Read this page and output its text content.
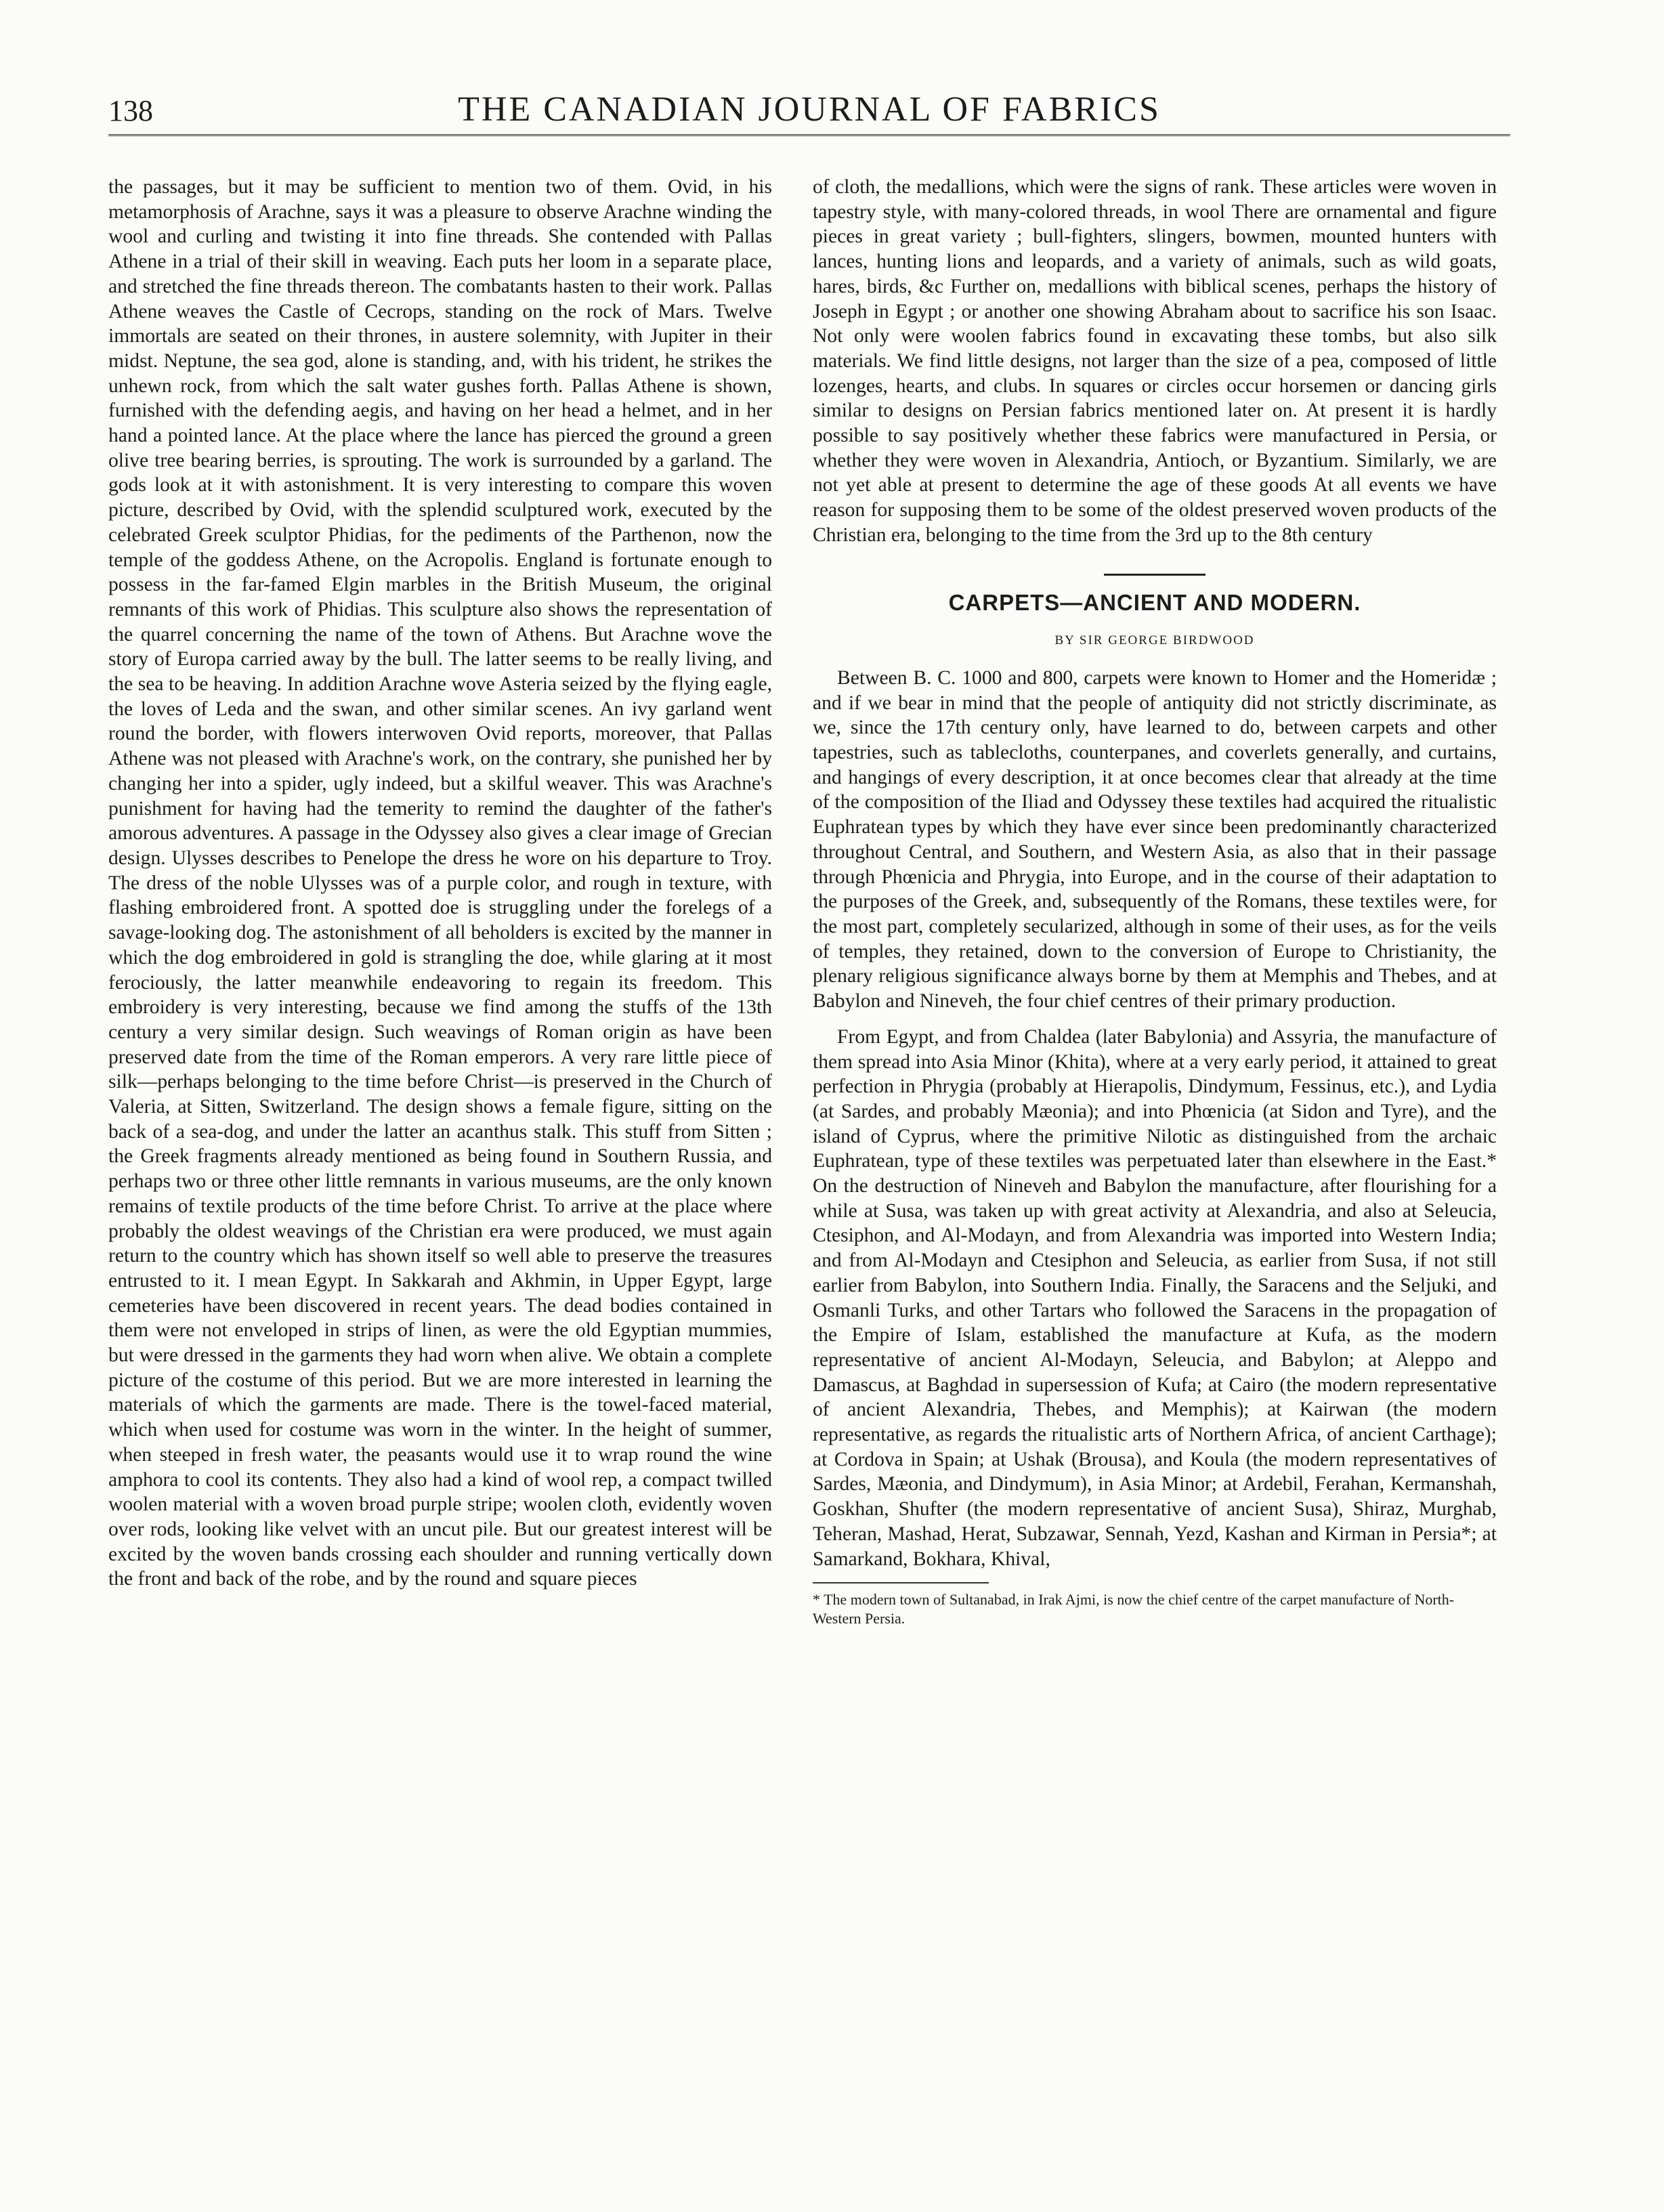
138	THE CANADIAN JOURNAL OF FABRICS

the passages, but it may be sufficient to mention two of them. Ovid, in his metamorphosis of Arachne, says it was a pleasure to observe Arachne winding the wool and curling and twisting it into fine threads. She contended with Pallas Athene in a trial of their skill in weaving. Each puts her loom in a separate place, and stretched the fine threads thereon. The combatants hasten to their work. Pallas Athene weaves the Castle of Cecrops, standing on the rock of Mars. Twelve immortals are seated on their thrones, in austere solemnity, with Jupiter in their midst. Neptune, the sea god, alone is standing, and, with his trident, he strikes the unhewn rock, from which the salt water gushes forth. Pallas Athene is shown, furnished with the defending aegis, and having on her head a helmet, and in her hand a pointed lance. At the place where the lance has pierced the ground a green olive tree bearing berries, is sprouting. The work is surrounded by a garland. The gods look at it with astonishment. It is very interesting to compare this woven picture, described by Ovid, with the splendid sculptured work, executed by the celebrated Greek sculptor Phidias, for the pediments of the Parthenon, now the temple of the goddess Athene, on the Acropolis. England is fortunate enough to possess in the far-famed Elgin marbles in the British Museum, the original remnants of this work of Phidias. This sculpture also shows the representation of the quarrel concerning the name of the town of Athens. But Arachne wove the story of Europa carried away by the bull. The latter seems to be really living, and the sea to be heaving. In addition Arachne wove Asteria seized by the flying eagle, the loves of Leda and the swan, and other similar scenes. An ivy garland went round the border, with flowers interwoven Ovid reports, moreover, that Pallas Athene was not pleased with Arachne's work, on the contrary, she punished her by changing her into a spider, ugly indeed, but a skilful weaver. This was Arachne's punishment for having had the temerity to remind the daughter of the father's amorous adventures. A passage in the Odyssey also gives a clear image of Grecian design. Ulysses describes to Penelope the dress he wore on his departure to Troy. The dress of the noble Ulysses was of a purple color, and rough in texture, with flashing embroidered front. A spotted doe is struggling under the forelegs of a savage-looking dog. The astonishment of all beholders is excited by the manner in which the dog embroidered in gold is strangling the doe, while glaring at it most ferociously, the latter meanwhile endeavoring to regain its freedom. This embroidery is very interesting, because we find among the stuffs of the 13th century a very similar design. Such weavings of Roman origin as have been preserved date from the time of the Roman emperors. A very rare little piece of silk—perhaps belonging to the time before Christ—is preserved in the Church of Valeria, at Sitten, Switzerland. The design shows a female figure, sitting on the back of a sea-dog, and under the latter an acanthus stalk. This stuff from Sitten ; the Greek fragments already mentioned as being found in Southern Russia, and perhaps two or three other little remnants in various museums, are the only known remains of textile products of the time before Christ. To arrive at the place where probably the oldest weavings of the Christian era were produced, we must again return to the country which has shown itself so well able to preserve the treasures entrusted to it. I mean Egypt. In Sakkarah and Akhmin, in Upper Egypt, large cemeteries have been discovered in recent years. The dead bodies contained in them were not enveloped in strips of linen, as were the old Egyptian mummies, but were dressed in the garments they had worn when alive. We obtain a complete picture of the costume of this period. But we are more interested in learning the materials of which the garments are made. There is the towel-faced material, which when used for costume was worn in the winter. In the height of summer, when steeped in fresh water, the peasants would use it to wrap round the wine amphora to cool its contents. They also had a kind of wool rep, a compact twilled woolen material with a woven broad purple stripe; woolen cloth, evidently woven over rods, looking like velvet with an uncut pile. But our greatest interest will be excited by the woven bands crossing each shoulder and running vertically down the front and back of the robe, and by the round and square pieces

of cloth, the medallions, which were the signs of rank. These articles were woven in tapestry style, with many-colored threads, in wool There are ornamental and figure pieces in great variety ; bull-fighters, slingers, bowmen, mounted hunters with lances, hunting lions and leopards, and a variety of animals, such as wild goats, hares, birds, &c Further on, medallions with biblical scenes, perhaps the history of Joseph in Egypt ; or another one showing Abraham about to sacrifice his son Isaac. Not only were woolen fabrics found in excavating these tombs, but also silk materials. We find little designs, not larger than the size of a pea, composed of little lozenges, hearts, and clubs. In squares or circles occur horsemen or dancing girls similar to designs on Persian fabrics mentioned later on. At present it is hardly possible to say positively whether these fabrics were manufactured in Persia, or whether they were woven in Alexandria, Antioch, or Byzantium. Similarly, we are not yet able at present to determine the age of these goods At all events we have reason for supposing them to be some of the oldest preserved woven products of the Christian era, belonging to the time from the 3rd up to the 8th century

CARPETS—ANCIENT AND MODERN.
BY SIR GEORGE BIRDWOOD

Between B. C. 1000 and 800, carpets were known to Homer and the Homeridæ ; and if we bear in mind that the people of antiquity did not strictly discriminate, as we, since the 17th century only, have learned to do, between carpets and other tapestries, such as tablecloths, counterpanes, and coverlets generally, and curtains, and hangings of every description, it at once becomes clear that already at the time of the composition of the Iliad and Odyssey these textiles had acquired the ritualistic Euphratean types by which they have ever since been predominantly characterized throughout Central, and Southern, and Western Asia, as also that in their passage through Phœnicia and Phrygia, into Europe, and in the course of their adaptation to the purposes of the Greek, and, subsequently of the Romans, these textiles were, for the most part, completely secularized, although in some of their uses, as for the veils of temples, they retained, down to the conversion of Europe to Christianity, the plenary religious significance always borne by them at Memphis and Thebes, and at Babylon and Nineveh, the four chief centres of their primary production.

From Egypt, and from Chaldea (later Babylonia) and Assyria, the manufacture of them spread into Asia Minor (Khita), where at a very early period, it attained to great perfection in Phrygia (probably at Hierapolis, Dindymum, Fessinus, etc.), and Lydia (at Sardes, and probably Mæonia); and into Phœnicia (at Sidon and Tyre), and the island of Cyprus, where the primitive Nilotic as distinguished from the archaic Euphratean, type of these textiles was perpetuated later than elsewhere in the East.* On the destruction of Nineveh and Babylon the manufacture, after flourishing for a while at Susa, was taken up with great activity at Alexandria, and also at Seleucia, Ctesiphon, and Al-Modayn, and from Alexandria was imported into Western India; and from Al-Modayn and Ctesiphon and Seleucia, as earlier from Susa, if not still earlier from Babylon, into Southern India. Finally, the Saracens and the Seljuki, and Osmanli Turks, and other Tartars who followed the Saracens in the propagation of the Empire of Islam, established the manufacture at Kufa, as the modern representative of ancient Al-Modayn, Seleucia, and Babylon; at Aleppo and Damascus, at Baghdad in supersession of Kufa; at Cairo (the modern representative of ancient Alexandria, Thebes, and Memphis); at Kairwan (the modern representative, as regards the ritualistic arts of Northern Africa, of ancient Carthage); at Cordova in Spain; at Ushak (Brousa), and Koula (the modern representatives of Sardes, Mæonia, and Dindymum), in Asia Minor; at Ardebil, Ferahan, Kermanshah, Goskhan, Shufter (the modern representative of ancient Susa), Shiraz, Murghab, Teheran, Mashad, Herat, Subzawar, Sennah, Yezd, Kashan and Kirman in Persia*; at Samarkand, Bokhara, Khival,

* The modern town of Sultanabad, in Irak Ajmi, is now the chief centre of the carpet manufacture of North-Western Persia.
